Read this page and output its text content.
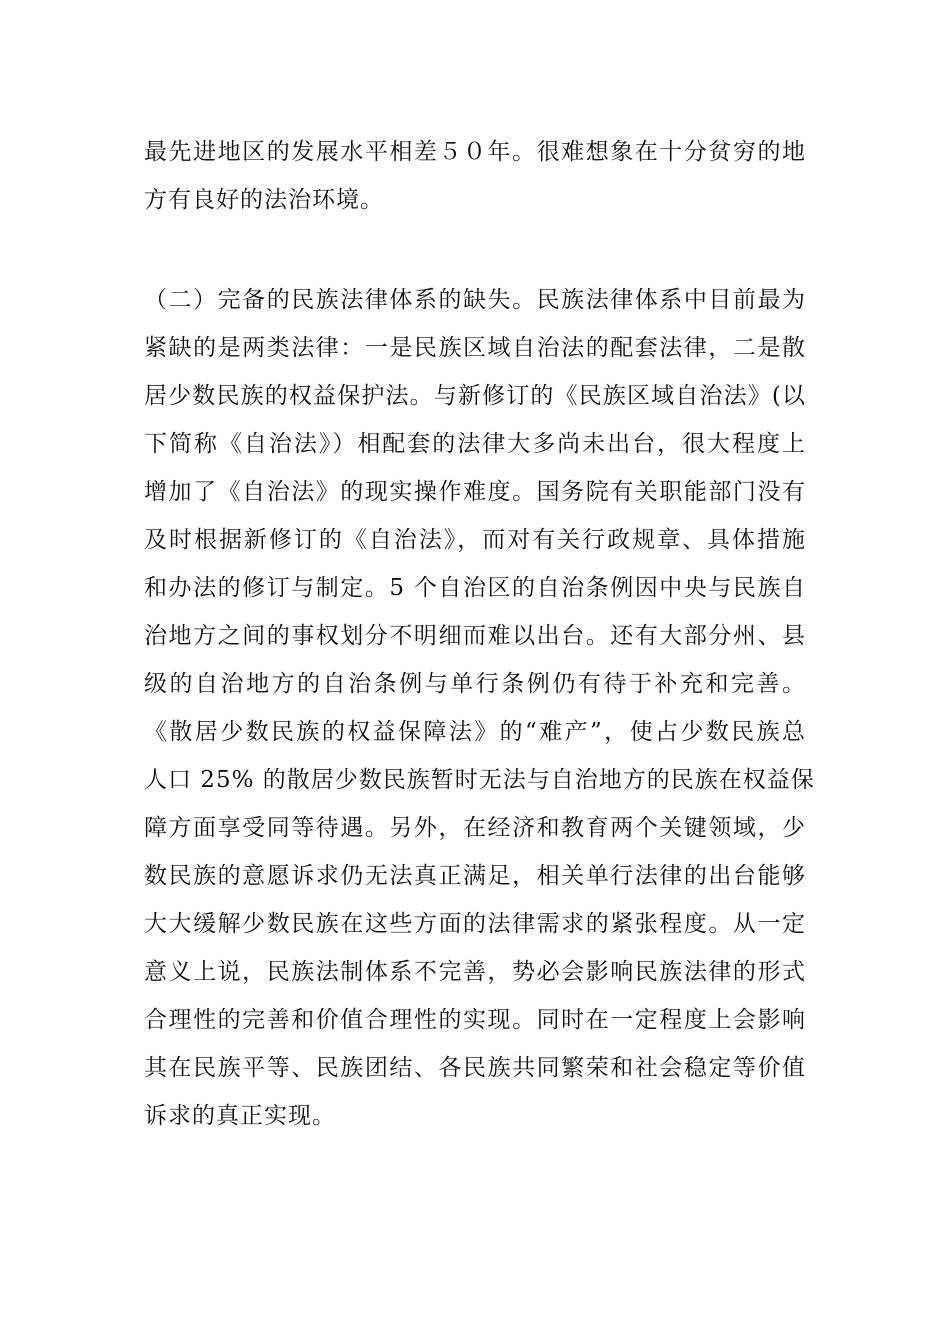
最先进地区的发展水平相差５０年。很难想象在十分贫穷的地
方有良好的法治环境。
（二）完备的民族法律体系的缺失。民族法律体系中目前最为
紧缺的是两类法律：一是民族区域自治法的配套法律，二是散
居少数民族的权益保护法。与新修订的《民族区域自治法》(以
下简称《自治法》）相配套的法律大多尚未出台，很大程度上
增加了《自治法》的现实操作难度。国务院有关职能部门没有
及时根据新修订的《自治法》，而对有关行政规章、具体措施
和办法的修订与制定。5 个自治区的自治条例因中央与民族自
治地方之间的事权划分不明细而难以出台。还有大部分州、县
级的自治地方的自治条例与单行条例仍有待于补充和完善。
《散居少数民族的权益保障法》的“难产”，使占少数民族总
人口 25% 的散居少数民族暂时无法与自治地方的民族在权益保
障方面享受同等待遇。另外，在经济和教育两个关键领域，少
数民族的意愿诉求仍无法真正满足，相关单行法律的出台能够
大大缓解少数民族在这些方面的法律需求的紧张程度。从一定
意义上说，民族法制体系不完善，势必会影响民族法律的形式
合理性的完善和价值合理性的实现。同时在一定程度上会影响
其在民族平等、民族团结、各民族共同繁荣和社会稳定等价值
诉求的真正实现。
